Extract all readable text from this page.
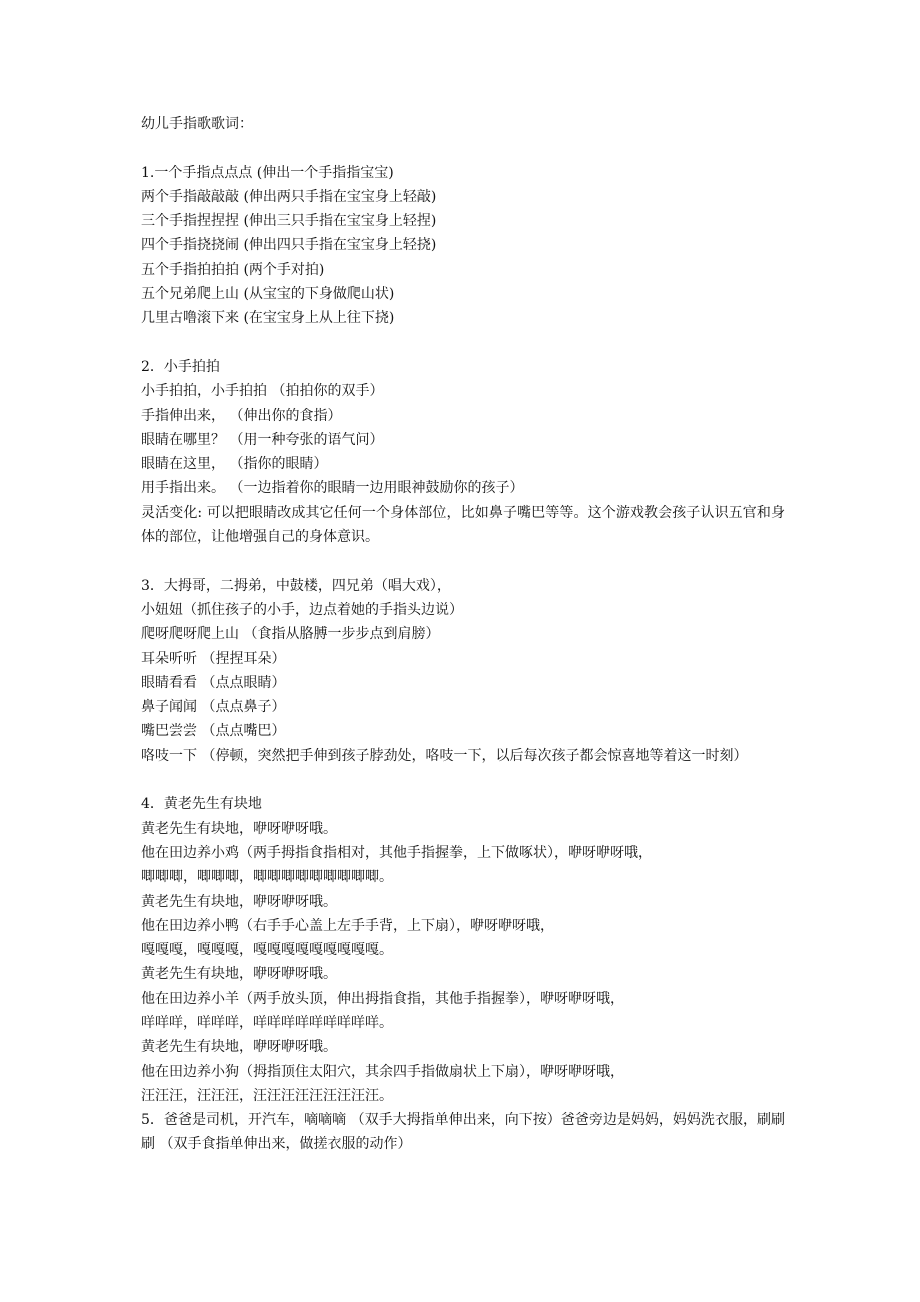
幼儿手指歌歌词：
1.一个手指点点点 (伸出一个手指指宝宝)
两个手指敲敲敲 (伸出两只手指在宝宝身上轻敲)
三个手指捏捏捏 (伸出三只手指在宝宝身上轻捏)
四个手指挠挠闹 (伸出四只手指在宝宝身上轻挠)
五个手指拍拍拍 (两个手对拍)
五个兄弟爬上山 (从宝宝的下身做爬山状)
几里古噜滚下来 (在宝宝身上从上往下挠)
2．小手拍拍
小手拍拍，小手拍拍 （拍拍你的双手）
手指伸出来， （伸出你的食指）
眼睛在哪里？ （用一种夸张的语气问）
眼睛在这里， （指你的眼睛）
用手指出来。 （一边指着你的眼睛一边用眼神鼓励你的孩子）
灵活变化: 可以把眼睛改成其它任何一个身体部位，比如鼻子嘴巴等等。这个游戏教会孩子认识五官和身体的部位，让他增强自己的身体意识。
3．大拇哥，二拇弟，中鼓楼，四兄弟（唱大戏），
小妞妞（抓住孩子的小手，边点着她的手指头边说）
爬呀爬呀爬上山 （食指从胳膊一步步点到肩膀）
耳朵听听 （捏捏耳朵）
眼睛看看 （点点眼睛）
鼻子闻闻 （点点鼻子）
嘴巴尝尝 （点点嘴巴）
咯吱一下 （停顿，突然把手伸到孩子脖劲处，咯吱一下，以后每次孩子都会惊喜地等着这一时刻）
4．黄老先生有块地
黄老先生有块地，咿呀咿呀哦。
他在田边养小鸡（两手拇指食指相对，其他手指握拳，上下做啄状），咿呀咿呀哦，
唧唧唧，唧唧唧，唧唧唧唧唧唧唧唧唧。
黄老先生有块地，咿呀咿呀哦。
他在田边养小鸭（右手手心盖上左手手背，上下扇），咿呀咿呀哦，
嘎嘎嘎，嘎嘎嘎，嘎嘎嘎嘎嘎嘎嘎嘎嘎。
黄老先生有块地，咿呀咿呀哦。
他在田边养小羊（两手放头顶，伸出拇指食指，其他手指握拳），咿呀咿呀哦，
咩咩咩，咩咩咩，咩咩咩咩咩咩咩咩咩。
黄老先生有块地，咿呀咿呀哦。
他在田边养小狗（拇指顶住太阳穴，其余四手指做扇状上下扇），咿呀咿呀哦，
汪汪汪，汪汪汪，汪汪汪汪汪汪汪汪汪。
5．爸爸是司机，开汽车，嘀嘀嘀 （双手大拇指单伸出来，向下按）爸爸旁边是妈妈，妈妈洗衣服，刷刷刷 （双手食指单伸出来，做搓衣服的动作）
